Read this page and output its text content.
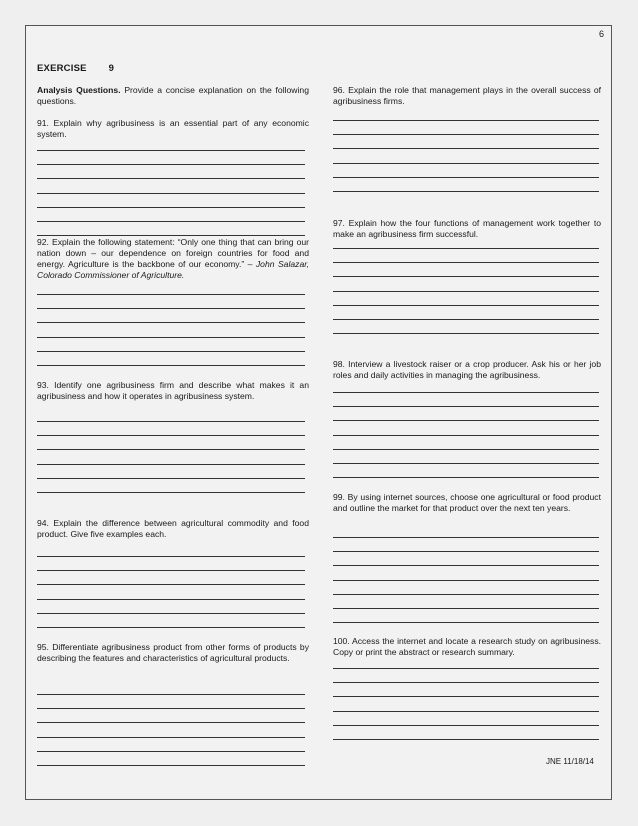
6
EXERCISE 9
Analysis Questions. Provide a concise explanation on the following questions.
91. Explain why agribusiness is an essential part of any economic system.
92. Explain the following statement: “Only one thing that can bring our nation down – our dependence on foreign countries for food and energy. Agriculture is the backbone of our economy.” – John Salazar, Colorado Commissioner of Agriculture.
93. Identify one agribusiness firm and describe what makes it an agribusiness and how it operates in agribusiness system.
94. Explain the difference between agricultural commodity and food product. Give five examples each.
95. Differentiate agribusiness product from other forms of products by describing the features and characteristics of agricultural products.
96. Explain the role that management plays in the overall success of agribusiness firms.
97. Explain how the four functions of management work together to make an agribusiness firm successful.
98. Interview a livestock raiser or a crop producer. Ask his or her job roles and daily activities in managing the agribusiness.
99. By using internet sources, choose one agricultural or food product and outline the market for that product over the next ten years.
100. Access the internet and locate a research study on agribusiness. Copy or print the abstract or research summary.
JNE 11/18/14
